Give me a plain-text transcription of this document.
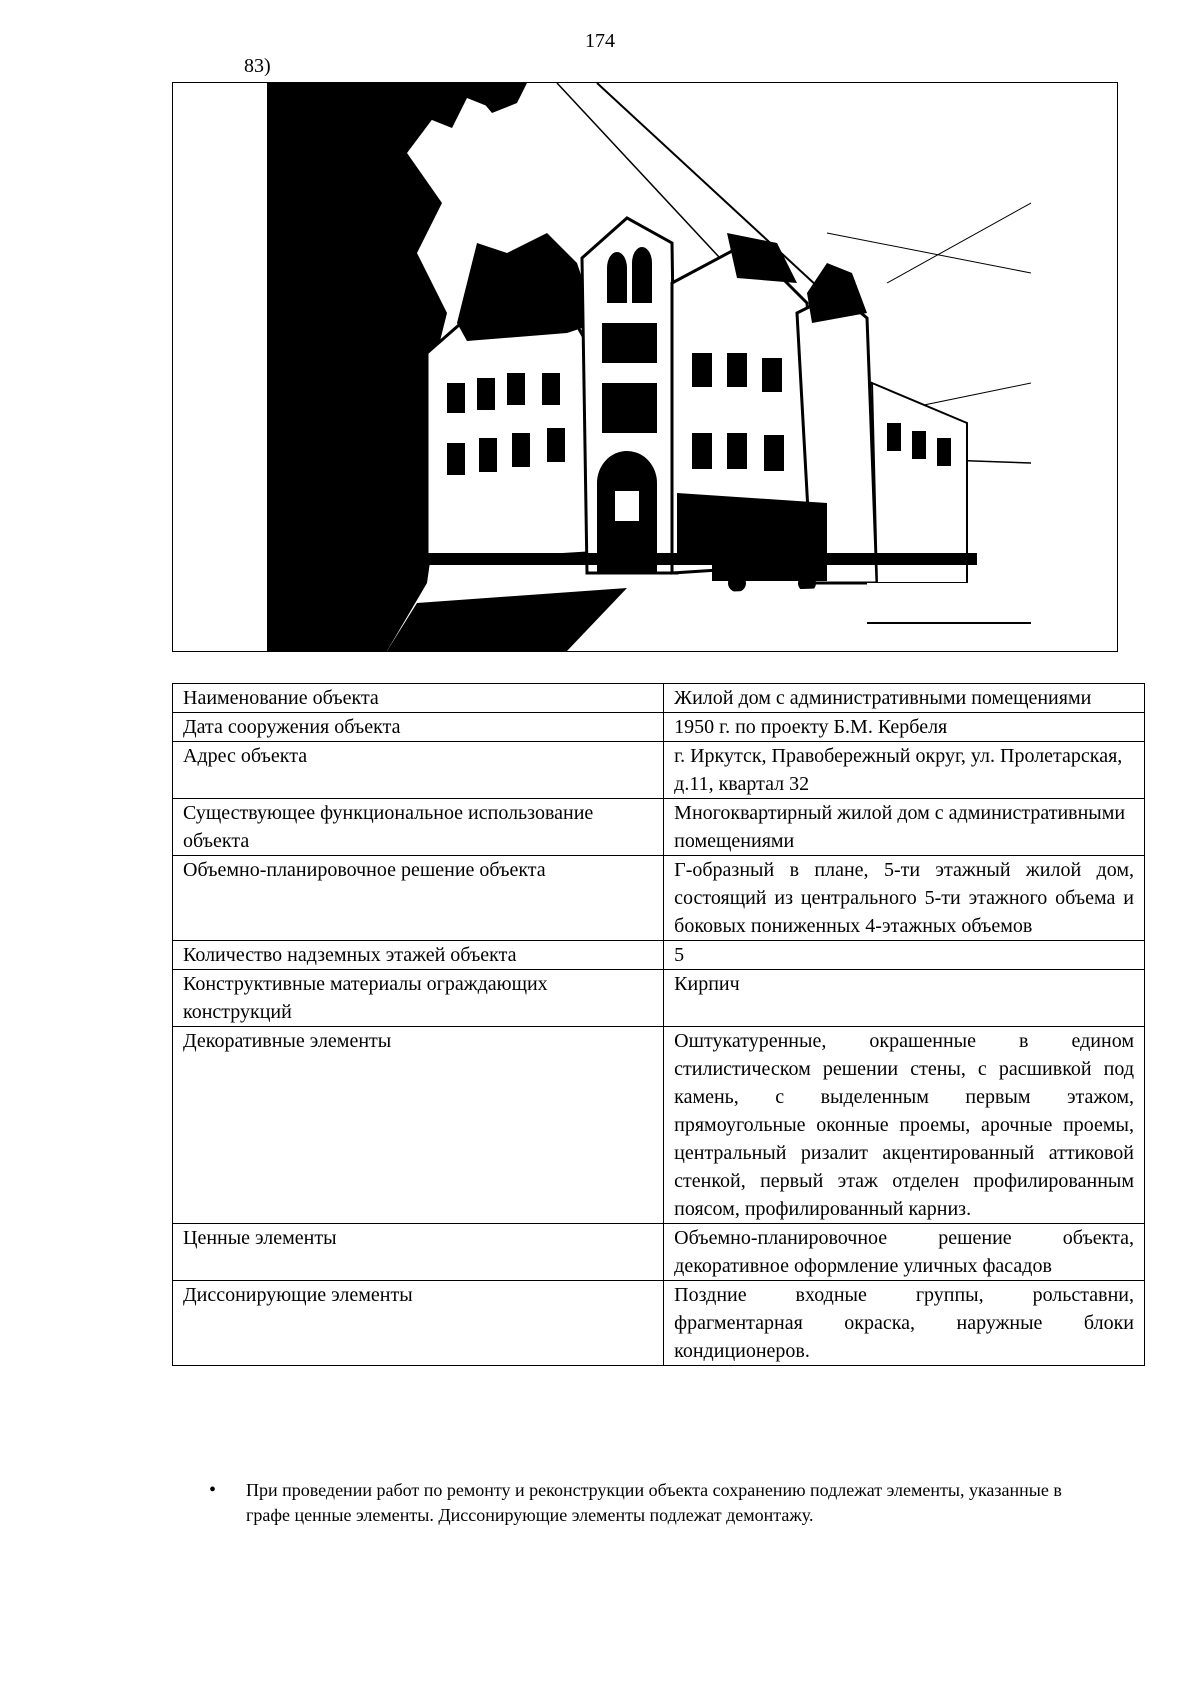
174
83)
Наименование объекта	Жилой дом с административными помещениями
Дата сооружения объекта	1950 г. по проекту Б.М. Кербеля
Адрес объекта	г. Иркутск, Правобережный округ, ул. Пролетарская, д.11, квартал 32
Существующее функциональное использование объекта	Многоквартирный жилой дом с административными помещениями
Объемно-планировочное решение объекта	Г-образный в плане, 5-ти этажный жилой дом, состоящий из центрального 5-ти этажного объема и боковых пониженных 4-этажных объемов
Количество надземных этажей объекта	5
Конструктивные материалы ограждающих конструкций	Кирпич
Декоративные элементы	Оштукатуренные, окрашенные в едином стилистическом решении стены, с расшивкой под камень, с выделенным первым этажом, прямоугольные оконные проемы, арочные проемы, центральный ризалит акцентированный аттиковой стенкой, первый этаж отделен профилированным поясом, профилированный карниз.
Ценные элементы	Объемно-планировочное решение объекта, декоративное оформление уличных фасадов
Диссонирующие элементы	Поздние входные группы, рольставни, фрагментарная окраска, наружные блоки кондиционеров.
• При проведении работ по ремонту и реконструкции объекта сохранению подлежат элементы, указанные в графе ценные элементы. Диссонирующие элементы подлежат демонтажу.
